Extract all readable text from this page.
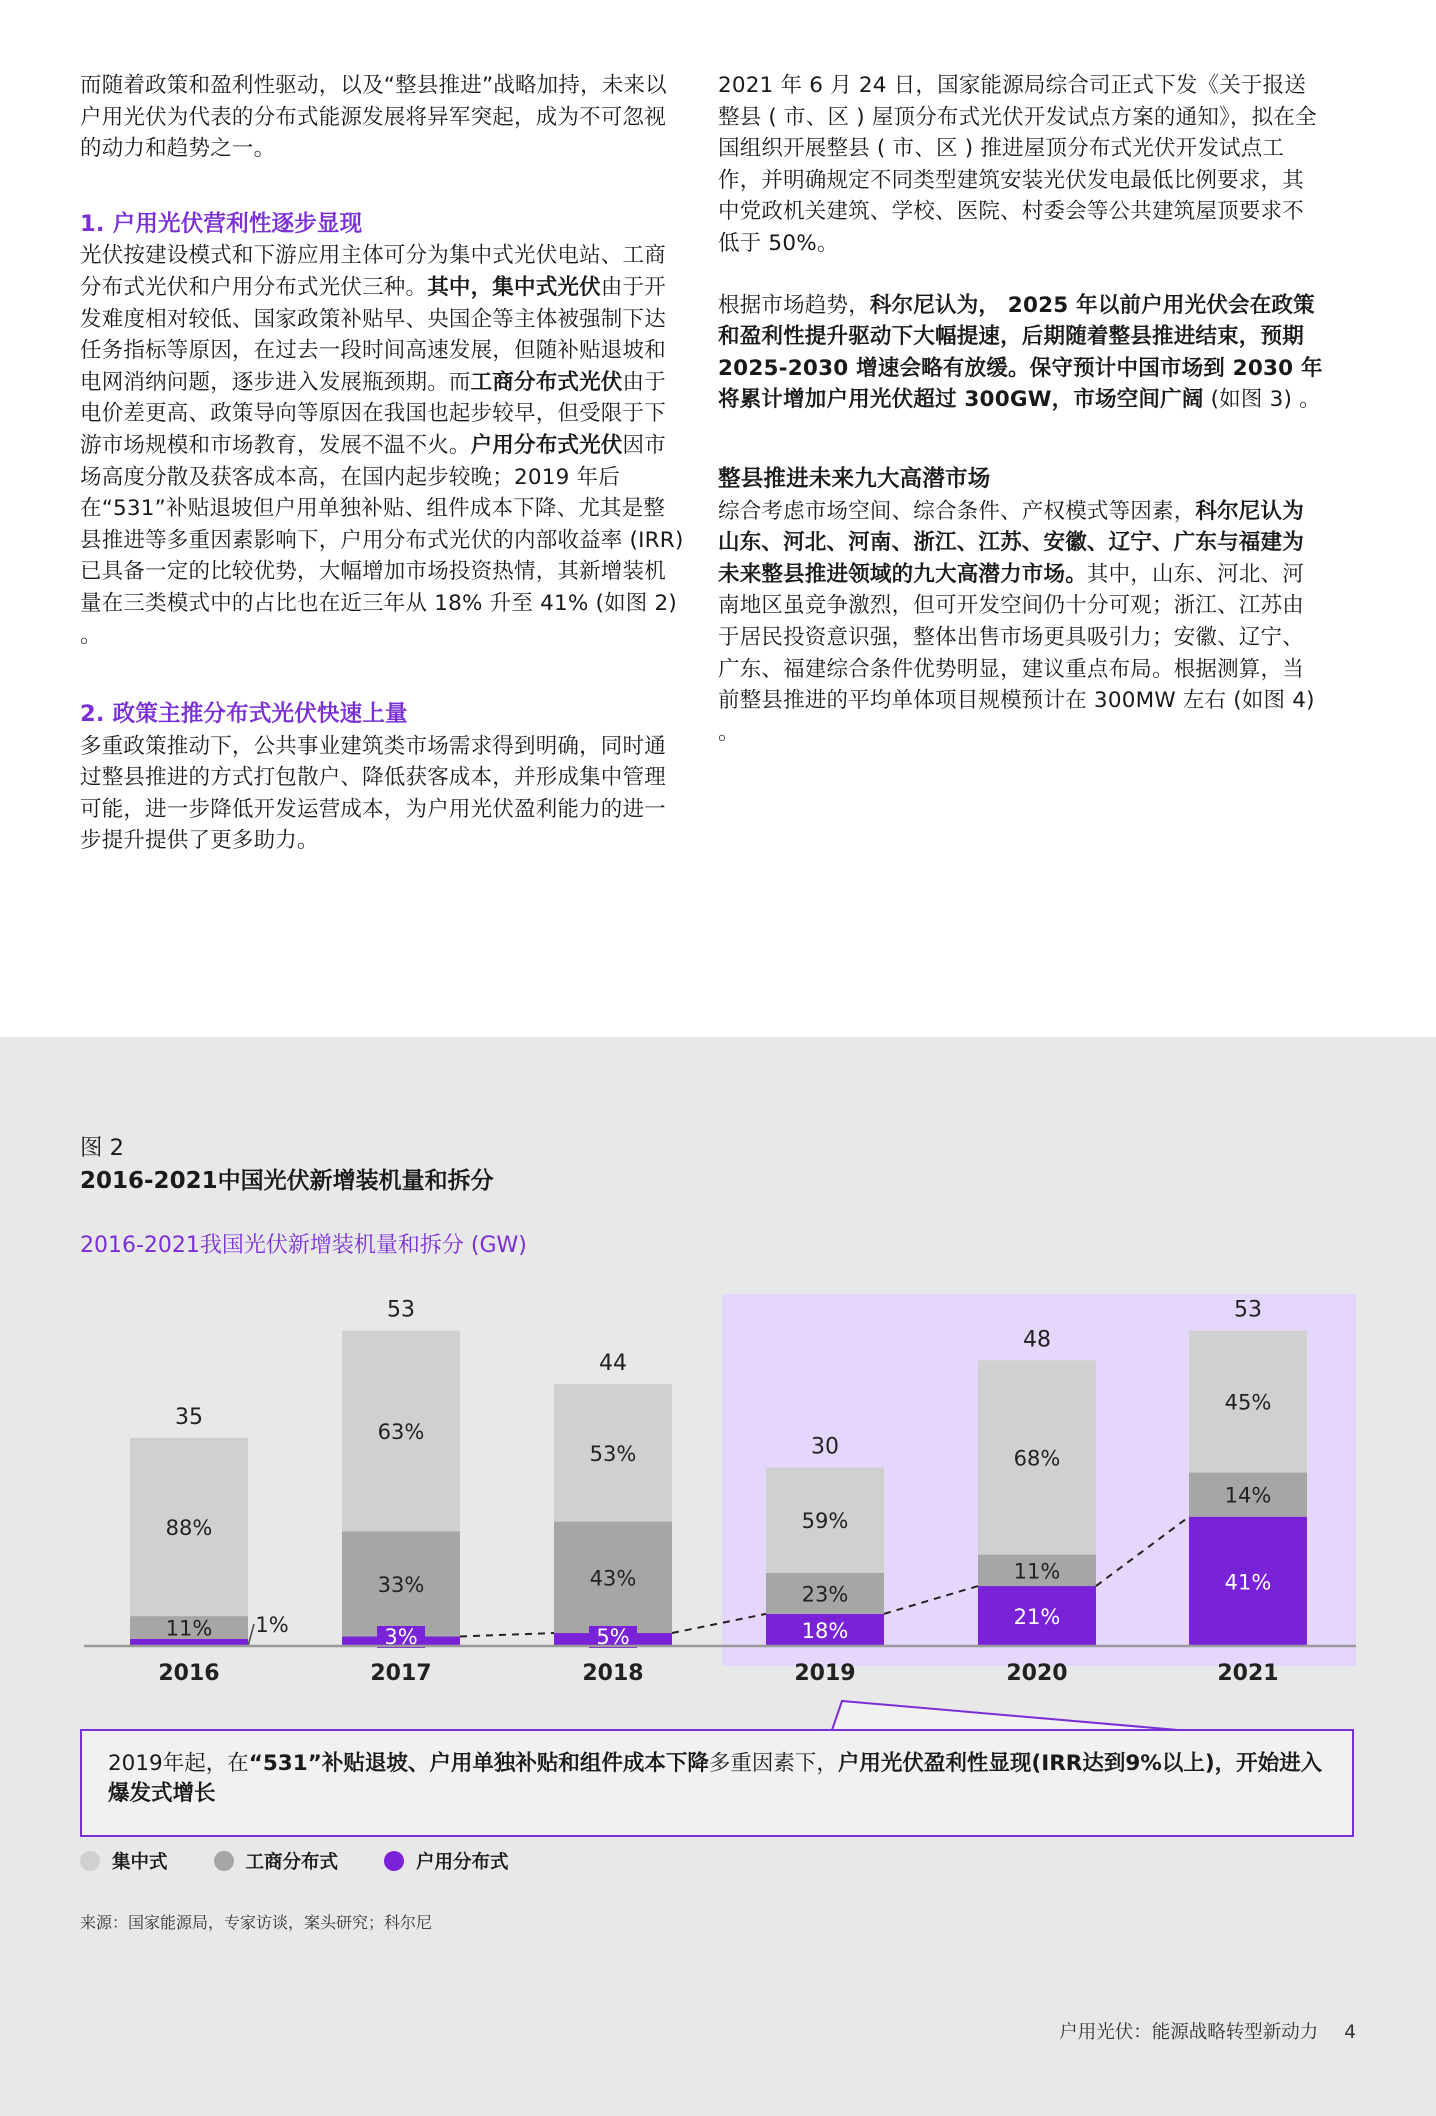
而随着政策和盈利性驱动，以及“整县推进”战略加持，未来以户用光伏为代表的分布式能源发展将异军突起，成为不可忽视的动力和趋势之一。

1. 户用光伏营利性逐步显现

光伏按建设模式和下游应用主体可分为集中式光伏电站、工商分布式光伏和户用分布式光伏三种。其中，集中式光伏由于开发难度相对较低、国家政策补贴早、央国企等主体被强制下达任务指标等原因，在过去一段时间高速发展，但随补贴退坡和电网消纳问题，逐步进入发展瓶颈期。而工商分布式光伏由于电价差更高、政策导向等原因在我国也起步较早，但受限于下游市场规模和市场教育，发展不温不火。户用分布式光伏因市场高度分散及获客成本高，在国内起步较晚；2019 年后在“531”补贴退坡但户用单独补贴、组件成本下降、尤其是整县推进等多重因素影响下，户用分布式光伏的内部收益率 (IRR) 已具备一定的比较优势，大幅增加市场投资热情，其新增装机量在三类模式中的占比也在近三年从 18% 升至 41% (如图 2) 。

2. 政策主推分布式光伏快速上量

多重政策推动下，公共事业建筑类市场需求得到明确，同时通过整县推进的方式打包散户、降低获客成本，并形成集中管理可能，进一步降低开发运营成本，为户用光伏盈利能力的进一步提升提供了更多助力。

2021 年 6 月 24 日，国家能源局综合司正式下发《关于报送整县 ( 市、区 ) 屋顶分布式光伏开发试点方案的通知》，拟在全国组织开展整县 ( 市、区 ) 推进屋顶分布式光伏开发试点工作，并明确规定不同类型建筑安装光伏发电最低比例要求，其中党政机关建筑、学校、医院、村委会等公共建筑屋顶要求不低于 50%。

根据市场趋势，科尔尼认为， 2025 年以前户用光伏会在政策和盈利性提升驱动下大幅提速，后期随着整县推进结束，预期 2025-2030 增速会略有放缓。保守预计中国市场到 2030 年将累计增加户用光伏超过 300GW，市场空间广阔 (如图 3) 。

整县推进未来九大高潜市场

综合考虑市场空间、综合条件、产权模式等因素，科尔尼认为山东、河北、河南、浙江、江苏、安徽、辽宁、广东与福建为未来整县推进领域的九大高潜力市场。其中，山东、河北、河南地区虽竞争激烈，但可开发空间仍十分可观；浙江、江苏由于居民投资意识强，整体出售市场更具吸引力；安徽、辽宁、广东、福建综合条件优势明显，建议重点布局。根据测算，当前整县推进的平均单体项目规模预计在 300MW 左右 (如图 4) 。

图 2
2016-2021中国光伏新增装机量和拆分
2016-2021我国光伏新增装机量和拆分 (GW)
35
88%
11% 1%
2016
53
63%
33%
3%
2017
44
53%
43%
5%
2018
30
59%
23%
18%
2019
48
68%
11%
21%
2020
53
45%
14%
41%
2021
2019年起，在“531”补贴退坡、户用单独补贴和组件成本下降多重因素下，户用光伏盈利性显现(IRR达到9%以上)，开始进入爆发式增长
集中式	工商分布式	户用分布式
来源：国家能源局，专家访谈，案头研究；科尔尼
户用光伏：能源战略转型新动力 4
